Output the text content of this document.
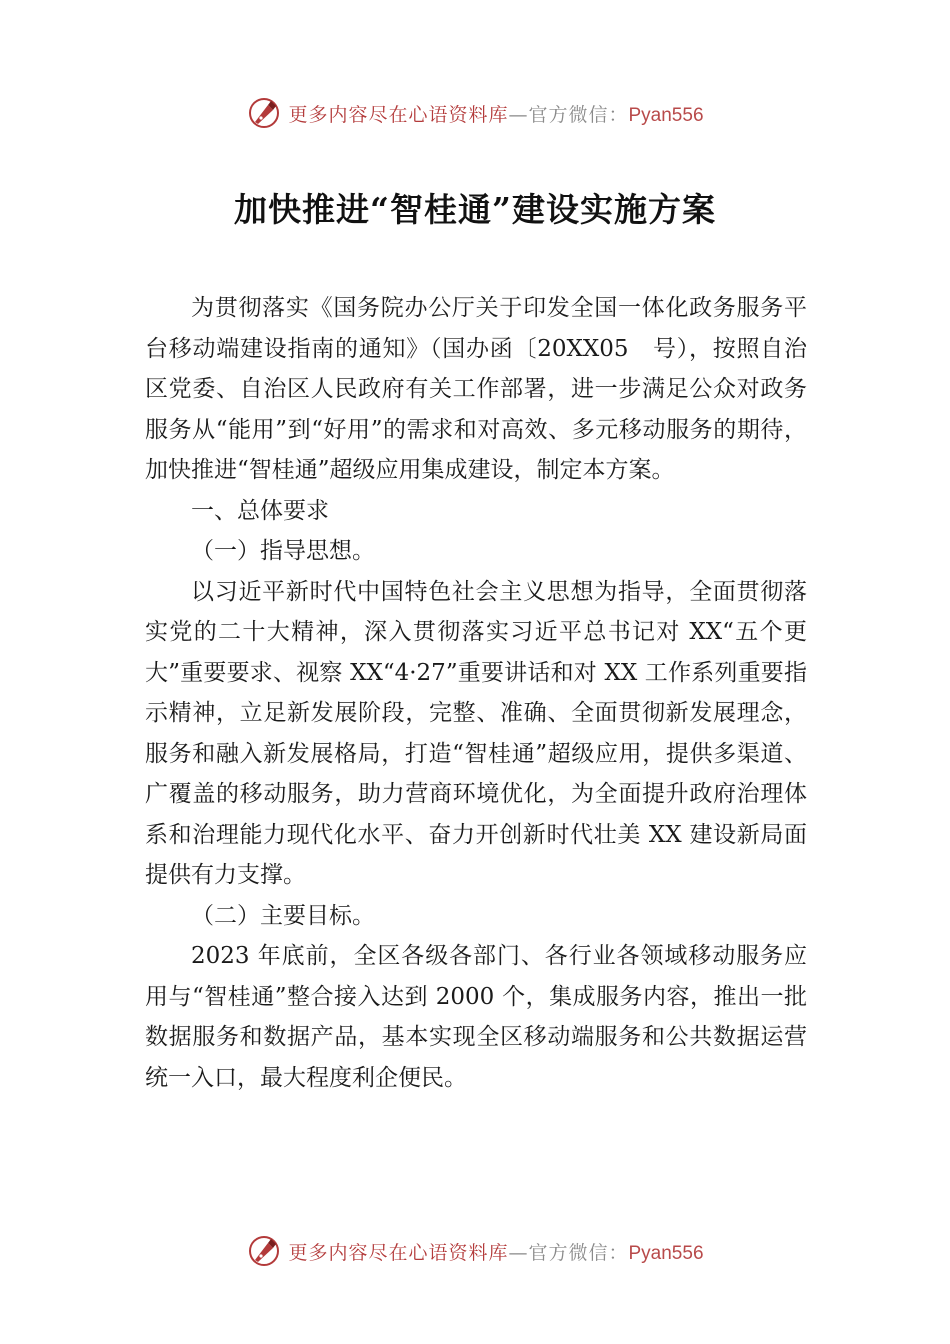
更多内容尽在心语资料库—官方微信：Pyan556
加快推进“智桂通”建设实施方案

为贯彻落实《国务院办公厅关于印发全国一体化政务服务平台移动端建设指南的通知》（国办函〔20XX05　号），按照自治区党委、自治区人民政府有关工作部署，进一步满足公众对政务服务从“能用”到“好用”的需求和对高效、多元移动服务的期待，加快推进“智桂通”超级应用集成建设，制定本方案。

一、总体要求

（一）指导思想。

以习近平新时代中国特色社会主义思想为指导，全面贯彻落实党的二十大精神，深入贯彻落实习近平总书记对 XX“五个更大”重要要求、视察 XX“4·27”重要讲话和对 XX 工作系列重要指示精神，立足新发展阶段，完整、准确、全面贯彻新发展理念，服务和融入新发展格局，打造“智桂通”超级应用，提供多渠道、广覆盖的移动服务，助力营商环境优化，为全面提升政府治理体系和治理能力现代化水平、奋力开创新时代壮美 XX 建设新局面提供有力支撑。

（二）主要目标。

2023 年底前，全区各级各部门、各行业各领域移动服务应用与“智桂通”整合接入达到 2000 个，集成服务内容，推出一批数据服务和数据产品，基本实现全区移动端服务和公共数据运营统一入口，最大程度利企便民。

更多内容尽在心语资料库—官方微信：Pyan556
